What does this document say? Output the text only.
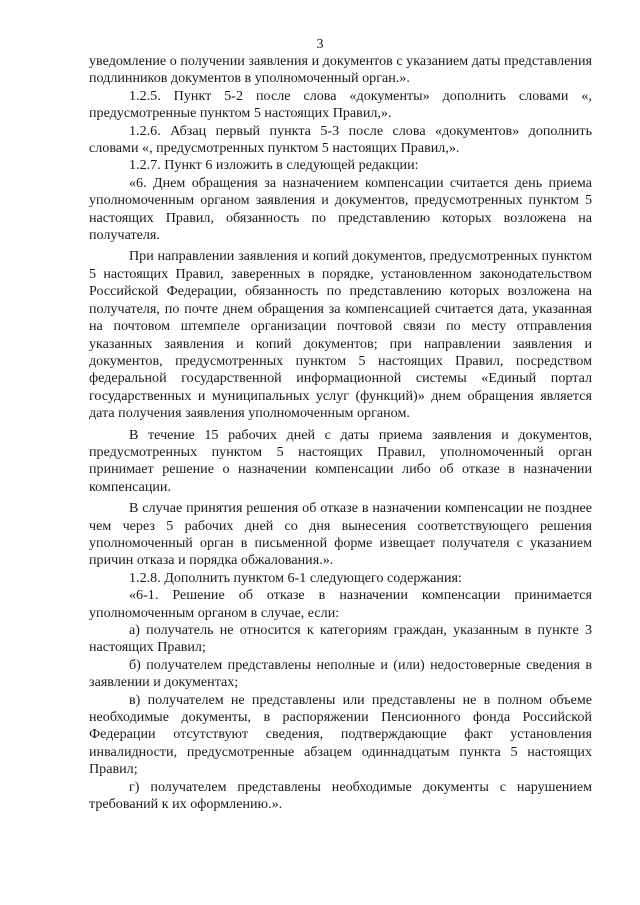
3

уведомление о получении заявления и документов с указанием даты представления подлинников документов в уполномоченный орган.».

1.2.5. Пункт 5-2 после слова «документы» дополнить словами «, предусмотренные пунктом 5 настоящих Правил,».

1.2.6. Абзац первый пункта 5-3 после слова «документов» дополнить словами «, предусмотренных пунктом 5 настоящих Правил,».

1.2.7. Пункт 6 изложить в следующей редакции:

«6. Днем обращения за назначением компенсации считается день приема уполномоченным органом заявления и документов, предусмотренных пунктом 5 настоящих Правил, обязанность по представлению которых возложена на получателя.

При направлении заявления и копий документов, предусмотренных пунктом 5 настоящих Правил, заверенных в порядке, установленном законодательством Российской Федерации, обязанность по представлению которых возложена на получателя, по почте днем обращения за компенсацией считается дата, указанная на почтовом штемпеле организации почтовой связи по месту отправления указанных заявления и копий документов; при направлении заявления и документов, предусмотренных пунктом 5 настоящих Правил, посредством федеральной государственной информационной системы «Единый портал государственных и муниципальных услуг (функций)» днем обращения является дата получения заявления уполномоченным органом.

В течение 15 рабочих дней с даты приема заявления и документов, предусмотренных пунктом 5 настоящих Правил, уполномоченный орган принимает решение о назначении компенсации либо об отказе в назначении компенсации.

В случае принятия решения об отказе в назначении компенсации не позднее чем через 5 рабочих дней со дня вынесения соответствующего решения уполномоченный орган в письменной форме извещает получателя с указанием причин отказа и порядка обжалования.».

1.2.8. Дополнить пунктом 6-1 следующего содержания:

«6-1. Решение об отказе в назначении компенсации принимается уполномоченным органом в случае, если:

а) получатель не относится к категориям граждан, указанным в пункте 3 настоящих Правил;

б) получателем представлены неполные и (или) недостоверные сведения в заявлении и документах;

в) получателем не представлены или представлены не в полном объеме необходимые документы, в распоряжении Пенсионного фонда Российской Федерации отсутствуют сведения, подтверждающие факт установления инвалидности, предусмотренные абзацем одиннадцатым пункта 5 настоящих Правил;

г) получателем представлены необходимые документы с нарушением требований к их оформлению.».
